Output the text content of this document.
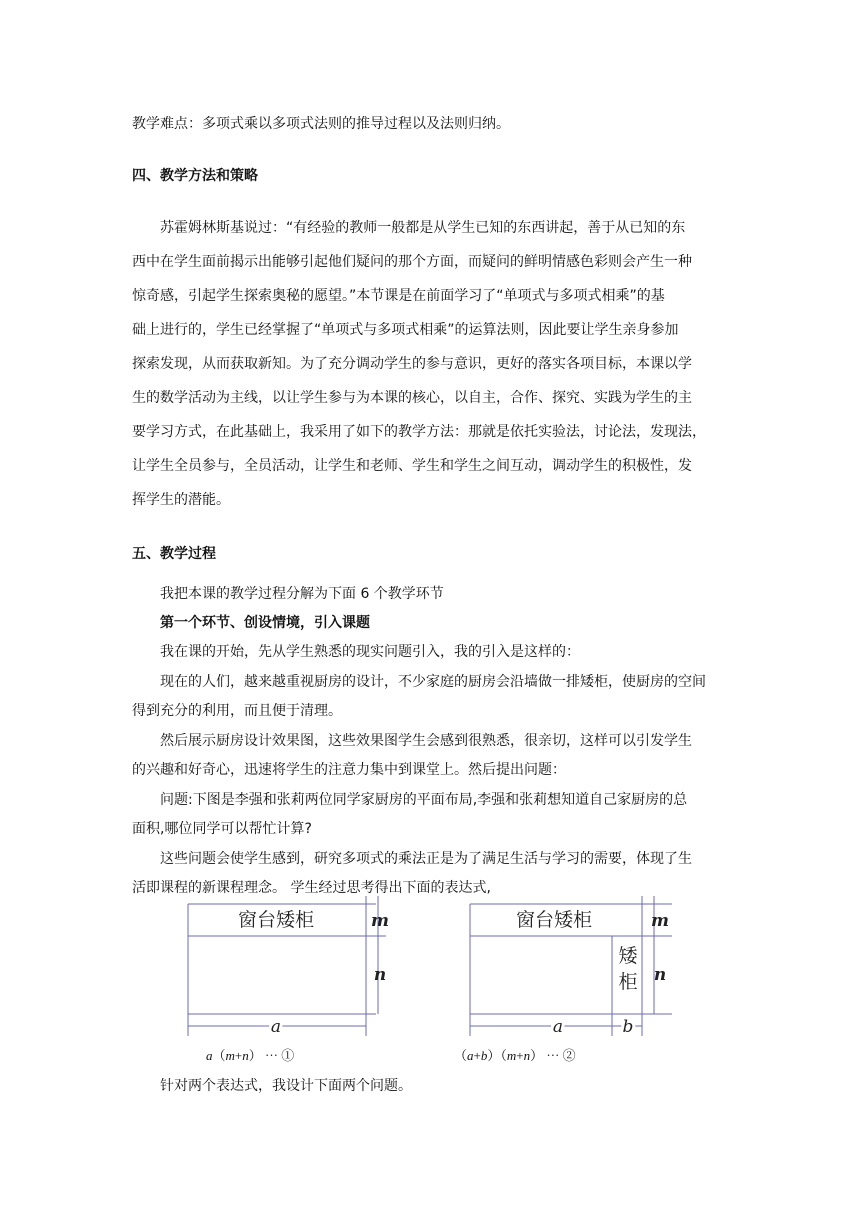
教学难点：多项式乘以多项式法则的推导过程以及法则归纳。
四、教学方法和策略
苏霍姆林斯基说过：“有经验的教师一般都是从学生已知的东西讲起，善于从已知的东
西中在学生面前揭示出能够引起他们疑问的那个方面，而疑问的鲜明情感色彩则会产生一种
惊奇感，引起学生探索奥秘的愿望。”本节课是在前面学习了“单项式与多项式相乘”的基
础上进行的，学生已经掌握了“单项式与多项式相乘”的运算法则，因此要让学生亲身参加
探索发现，从而获取新知。为了充分调动学生的参与意识，更好的落实各项目标，本课以学
生的数学活动为主线，以让学生参与为本课的核心，以自主，合作、探究、实践为学生的主
要学习方式，在此基础上，我采用了如下的教学方法：那就是依托实验法，讨论法，发现法，
让学生全员参与，全员活动，让学生和老师、学生和学生之间互动，调动学生的积极性，发
挥学生的潜能。
五、教学过程
我把本课的教学过程分解为下面 6 个教学环节
第一个环节、创设情境，引入课题
我在课的开始，先从学生熟悉的现实问题引入，我的引入是这样的：
现在的人们，越来越重视厨房的设计，不少家庭的厨房会沿墙做一排矮柜，使厨房的空间
得到充分的利用，而且便于清理。
然后展示厨房设计效果图，这些效果图学生会感到很熟悉，很亲切，这样可以引发学生
的兴趣和好奇心，迅速将学生的注意力集中到课堂上。然后提出问题：
问题:下图是李强和张莉两位同学家厨房的平面布局,李强和张莉想知道自己家厨房的总
面积,哪位同学可以帮忙计算?
这些问题会使学生感到，研究多项式的乘法正是为了满足生活与学习的需要，体现了生
活即课程的新课程理念。 学生经过思考得出下面的表达式,
窗台矮柜	m
n
a
窗台矮柜
矮
柜
m
n
a	b
a（m+n） ⋯ ①	（a+b）（m+n） ⋯ ②
针对两个表达式，我设计下面两个问题。
